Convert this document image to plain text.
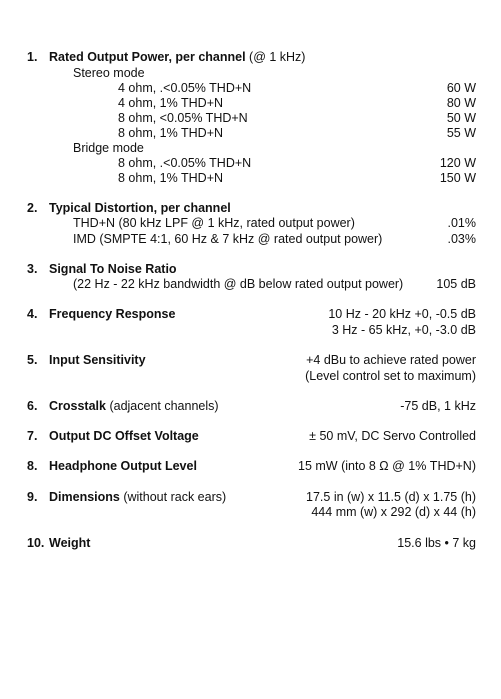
1. Rated Output Power, per channel (@ 1 kHz)
Stereo mode
4 ohm, .<0.05% THD+N	60 W
4 ohm, 1% THD+N	80 W
8 ohm, <0.05% THD+N	50 W
8 ohm, 1% THD+N	55 W
Bridge mode
8 ohm, .<0.05% THD+N	120 W
8 ohm, 1% THD+N	150 W
2. Typical Distortion, per channel
THD+N (80 kHz LPF @ 1 kHz, rated output power)	.01%
IMD (SMPTE 4:1, 60 Hz & 7 kHz @ rated output power)	.03%
3. Signal To Noise Ratio
(22 Hz - 22 kHz bandwidth @ dB below rated output power)	105 dB
4. Frequency Response	10 Hz - 20 kHz +0, -0.5 dB
3 Hz - 65 kHz, +0, -3.0 dB
5. Input Sensitivity	+4 dBu to achieve rated power
(Level control set to maximum)
6. Crosstalk (adjacent channels)	-75 dB, 1 kHz
7. Output DC Offset Voltage	± 50 mV, DC Servo Controlled
8. Headphone Output Level	15 mW (into 8 Ω @ 1% THD+N)
9. Dimensions (without rack ears)	17.5 in (w) x 11.5 (d) x 1.75 (h)
444 mm (w) x 292 (d) x 44 (h)
10. Weight	15.6 lbs • 7 kg
